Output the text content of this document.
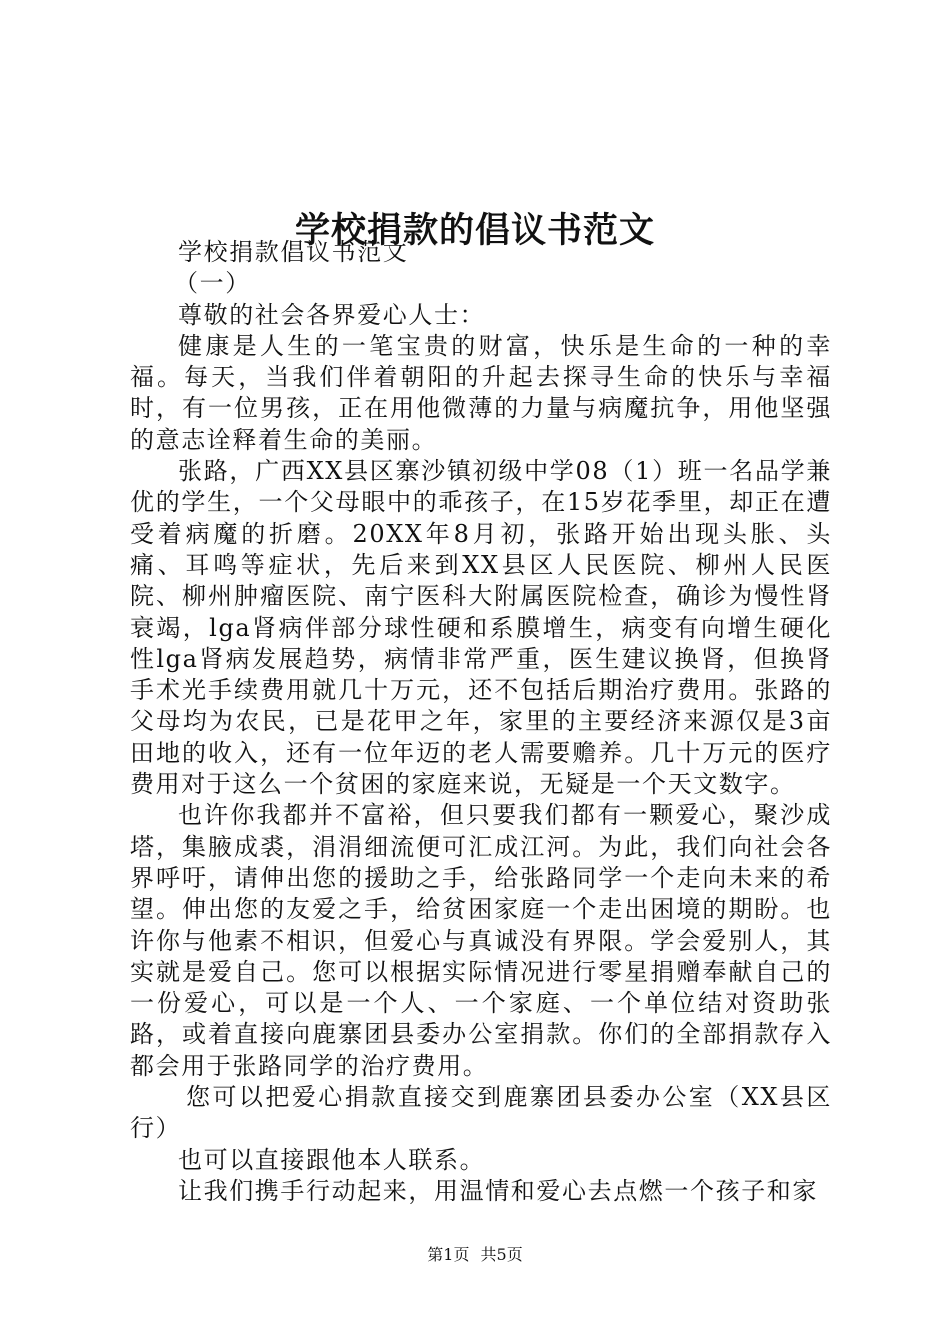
学校捐款的倡议书范文

学校捐款倡议书范文

（一）

尊敬的社会各界爱心人士：

健康是人生的一笔宝贵的财富，快乐是生命的一种的幸福。每天，当我们伴着朝阳的升起去探寻生命的快乐与幸福时，有一位男孩，正在用他微薄的力量与病魔抗争，用他坚强的意志诠释着生命的美丽。

张路，广西XX县区寨沙镇初级中学08（1）班一名品学兼优的学生，一个父母眼中的乖孩子，在15岁花季里，却正在遭受着病魔的折磨。20XX年8月初，张路开始出现头胀、头痛、耳鸣等症状，先后来到XX县区人民医院、柳州人民医院、柳州肿瘤医院、南宁医科大附属医院检查，确诊为慢性肾衰竭，lga肾病伴部分球性硬和系膜增生，病变有向增生硬化性lga肾病发展趋势，病情非常严重，医生建议换肾，但换肾手术光手续费用就几十万元，还不包括后期治疗费用。张路的父母均为农民，已是花甲之年，家里的主要经济来源仅是3亩田地的收入，还有一位年迈的老人需要赡养。几十万元的医疗费用对于这么一个贫困的家庭来说，无疑是一个天文数字。

也许你我都并不富裕，但只要我们都有一颗爱心，聚沙成塔，集腋成裘，涓涓细流便可汇成江河。为此，我们向社会各界呼吁，请伸出您的援助之手，给张路同学一个走向未来的希望。伸出您的友爱之手，给贫困家庭一个走出困境的期盼。也许你与他素不相识，但爱心与真诚没有界限。学会爱别人，其实就是爱自己。您可以根据实际情况进行零星捐赠奉献自己的一份爱心，可以是一个人、一个家庭、一个单位结对资助张路，或着直接向鹿寨团县委办公室捐款。你们的全部捐款存入都会用于张路同学的治疗费用。

您可以把爱心捐款直接交到鹿寨团县委办公室（XX县区行）

也可以直接跟他本人联系。

让我们携手行动起来，用温情和爱心去点燃一个孩子和家

第1页 共5页
